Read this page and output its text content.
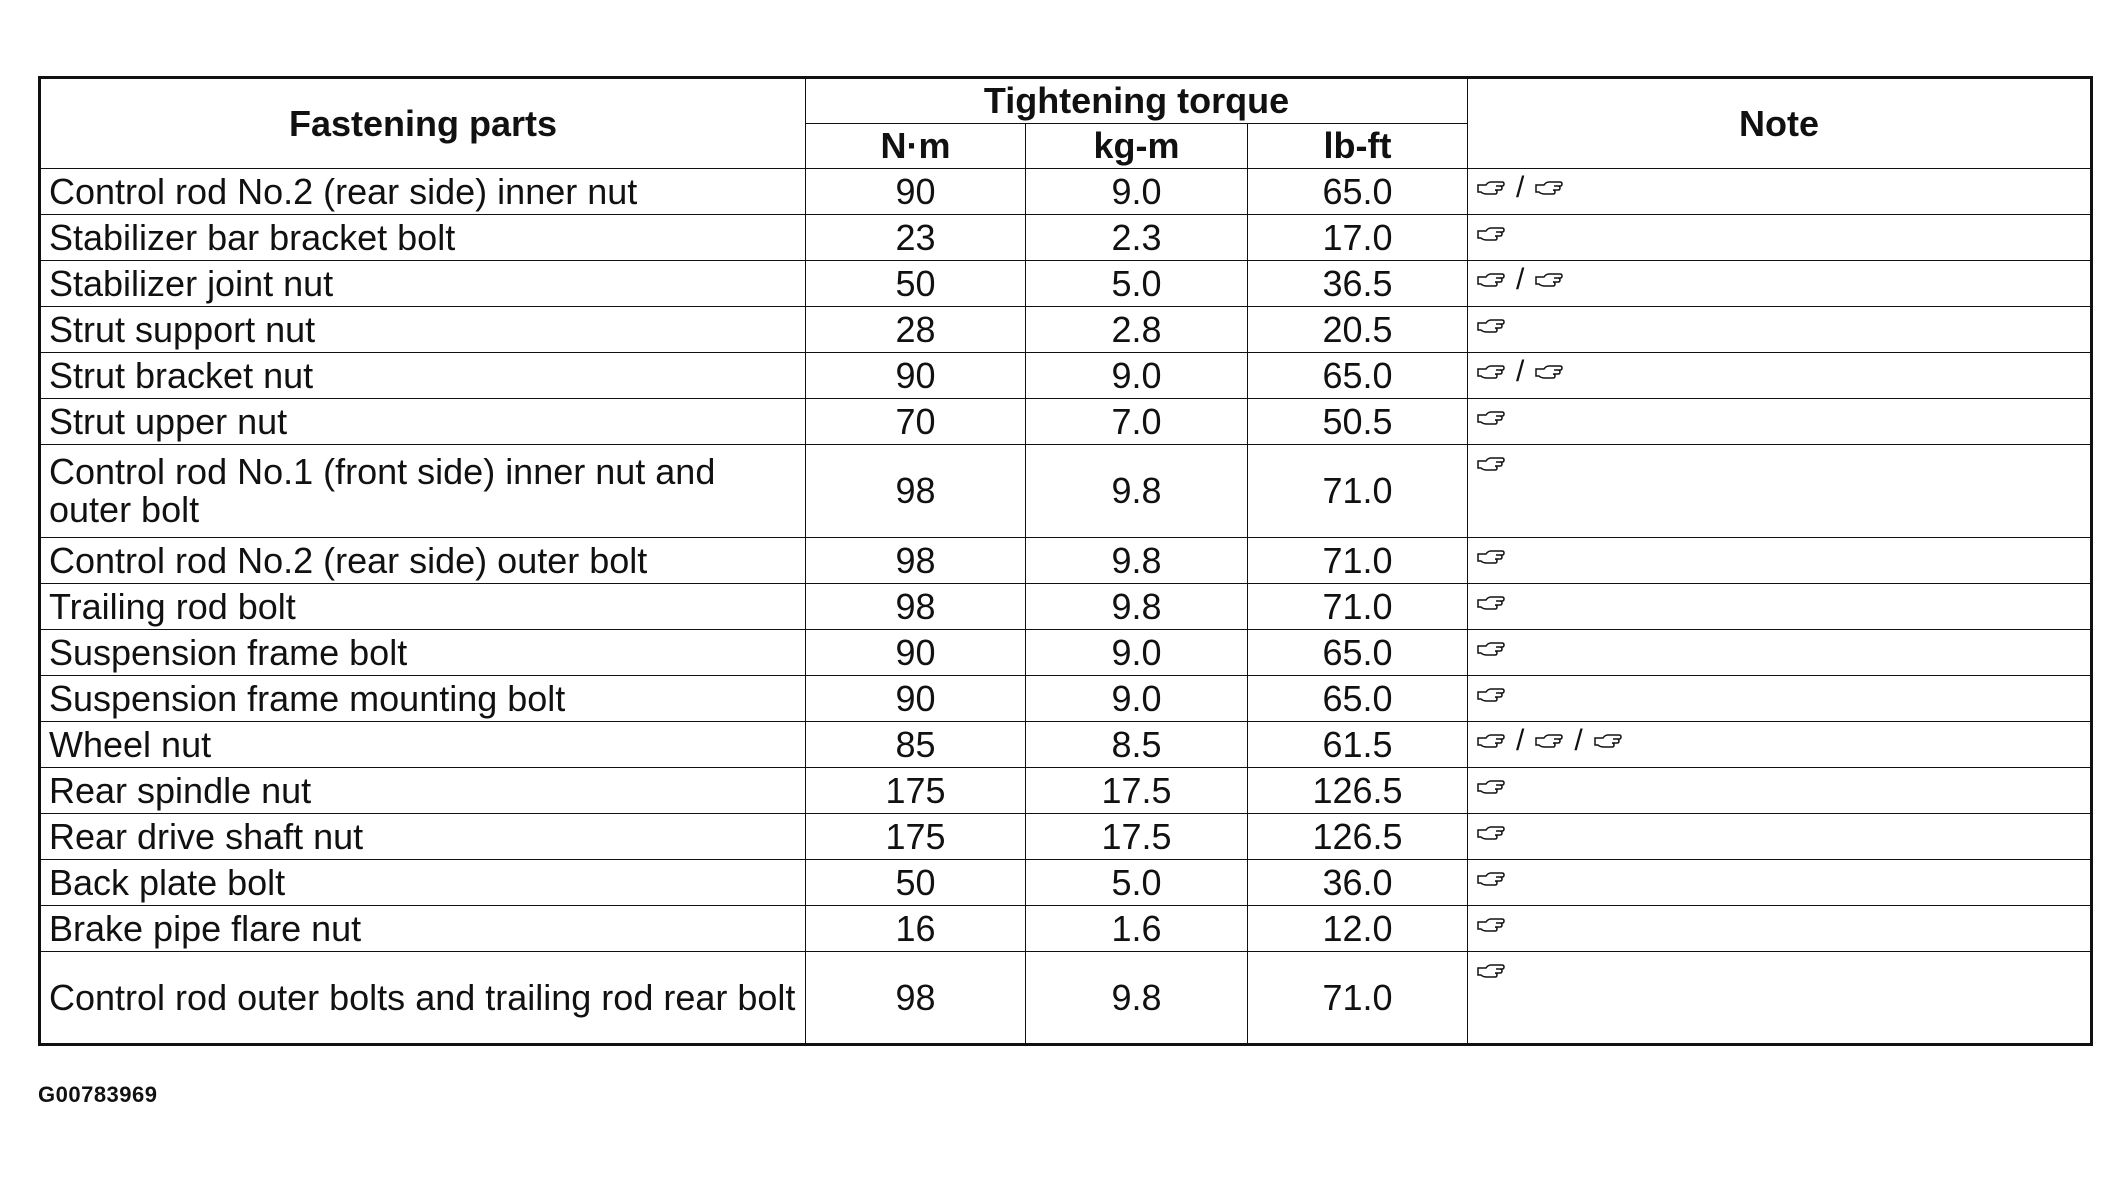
Fastening parts	Tightening torque			Note
	N·m	kg-m	lb-ft	
Control rod No.2 (rear side) inner nut	90	9.0	65.0	/
Stabilizer bar bracket bolt	23	2.3	17.0	
Stabilizer joint nut	50	5.0	36.5	/
Strut support nut	28	2.8	20.5	
Strut bracket nut	90	9.0	65.0	/
Strut upper nut	70	7.0	50.5	
Control rod No.1 (front side) inner nut and outer bolt	98	9.8	71.0	
Control rod No.2 (rear side) outer bolt	98	9.8	71.0	
Trailing rod bolt	98	9.8	71.0	
Suspension frame bolt	90	9.0	65.0	
Suspension frame mounting bolt	90	9.0	65.0	
Wheel nut	85	8.5	61.5	/ /
Rear spindle nut	175	17.5	126.5	
Rear drive shaft nut	175	17.5	126.5	
Back plate bolt	50	5.0	36.0	
Brake pipe flare nut	16	1.6	12.0	
Control rod outer bolts and trailing rod rear bolt	98	9.8	71.0	
G00783969
